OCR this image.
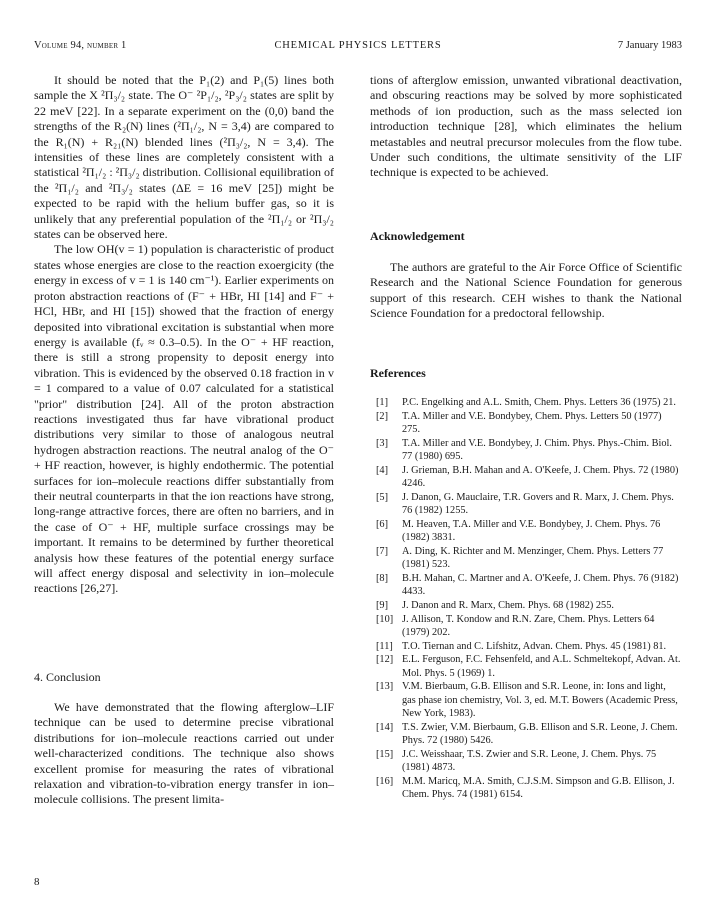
Volume 94, number 1	CHEMICAL PHYSICS LETTERS	7 January 1983

It should be noted that the P₁(2) and P₁(5) lines both sample the X ²Π₃/₂ state. The O⁻ ²P₁/₂, ²P₃/₂ states are split by 22 meV [22]. In a separate experiment on the (0,0) band the strengths of the R₂(N) lines (²Π₁/₂, N = 3,4) are compared to the R₁(N) + R₂₁(N) blended lines (²Π₃/₂, N = 3,4). The intensities of these lines are completely consistent with a statistical ²Π₁/₂ : ²Π₃/₂ distribution. Collisional equilibration of the ²Π₁/₂ and ²Π₃/₂ states (ΔE = 16 meV [25]) might be expected to be rapid with the helium buffer gas, so it is unlikely that any preferential population of the ²Π₁/₂ or ²Π₃/₂ states can be observed here.

The low OH(v = 1) population is characteristic of product states whose energies are close to the reaction exoergicity (the energy in excess of v = 1 is 140 cm⁻¹). Earlier experiments on proton abstraction reactions of (F⁻ + HBr, HI [14] and F⁻ + HCl, HBr, and HI [15]) showed that the fraction of energy deposited into vibrational excitation is substantial when more energy is available (fᵥ ≈ 0.3–0.5). In the O⁻ + HF reaction, there is still a strong propensity to deposit energy into vibration. This is evidenced by the observed 0.18 fraction in v = 1 compared to a value of 0.07 calculated for a statistical "prior" distribution [24]. All of the proton abstraction reactions investigated thus far have vibrational product distributions very similar to those of analogous neutral hydrogen abstraction reactions. The neutral analog of the O⁻ + HF reaction, however, is highly endothermic. The potential surfaces for ion–molecule reactions differ substantially from their neutral counterparts in that the ion reactions have strong, long-range attractive forces, there are often no barriers, and in the case of O⁻ + HF, multiple surface crossings may be important. It remains to be determined by further theoretical analysis how these features of the potential energy surface will affect energy disposal and selectivity in ion–molecule reactions [26,27].

4. Conclusion

We have demonstrated that the flowing afterglow–LIF technique can be used to determine precise vibrational distributions for ion–molecule reactions carried out under well-characterized conditions. The technique also shows excellent promise for measuring the rates of vibrational relaxation and vibration-to-vibration energy transfer in ion–molecule collisions. The present limita-

tions of afterglow emission, unwanted vibrational deactivation, and obscuring reactions may be solved by more sophisticated methods of ion production, such as the mass selected ion introduction technique [28], which eliminates the helium metastables and neutral precursor molecules from the flow tube. Under such conditions, the ultimate sensitivity of the LIF technique is expected to be achieved.

Acknowledgement

The authors are grateful to the Air Force Office of Scientific Research and the National Science Foundation for generous support of this research. CEH wishes to thank the National Science Foundation for a predoctoral fellowship.

References
[1] P.C. Engelking and A.L. Smith, Chem. Phys. Letters 36 (1975) 21.
[2] T.A. Miller and V.E. Bondybey, Chem. Phys. Letters 50 (1977) 275.
[3] T.A. Miller and V.E. Bondybey, J. Chim. Phys. Phys.-Chim. Biol. 77 (1980) 695.
[4] J. Grieman, B.H. Mahan and A. O'Keefe, J. Chem. Phys. 72 (1980) 4246.
[5] J. Danon, G. Mauclaire, T.R. Govers and R. Marx, J. Chem. Phys. 76 (1982) 1255.
[6] M. Heaven, T.A. Miller and V.E. Bondybey, J. Chem. Phys. 76 (1982) 3831.
[7] A. Ding, K. Richter and M. Menzinger, Chem. Phys. Letters 77 (1981) 523.
[8] B.H. Mahan, C. Martner and A. O'Keefe, J. Chem. Phys. 76 (9182) 4433.
[9] J. Danon and R. Marx, Chem. Phys. 68 (1982) 255.
[10] J. Allison, T. Kondow and R.N. Zare, Chem. Phys. Letters 64 (1979) 202.
[11] T.O. Tiernan and C. Lifshitz, Advan. Chem. Phys. 45 (1981) 81.
[12] E.L. Ferguson, F.C. Fehsenfeld, and A.L. Schmeltekopf, Advan. At. Mol. Phys. 5 (1969) 1.
[13] V.M. Bierbaum, G.B. Ellison and S.R. Leone, in: Ions and light, gas phase ion chemistry, Vol. 3, ed. M.T. Bowers (Academic Press, New York, 1983).
[14] T.S. Zwier, V.M. Bierbaum, G.B. Ellison and S.R. Leone, J. Chem. Phys. 72 (1980) 5426.
[15] J.C. Weisshaar, T.S. Zwier and S.R. Leone, J. Chem. Phys. 75 (1981) 4873.
[16] M.M. Maricq, M.A. Smith, C.J.S.M. Simpson and G.B. Ellison, J. Chem. Phys. 74 (1981) 6154.
8
